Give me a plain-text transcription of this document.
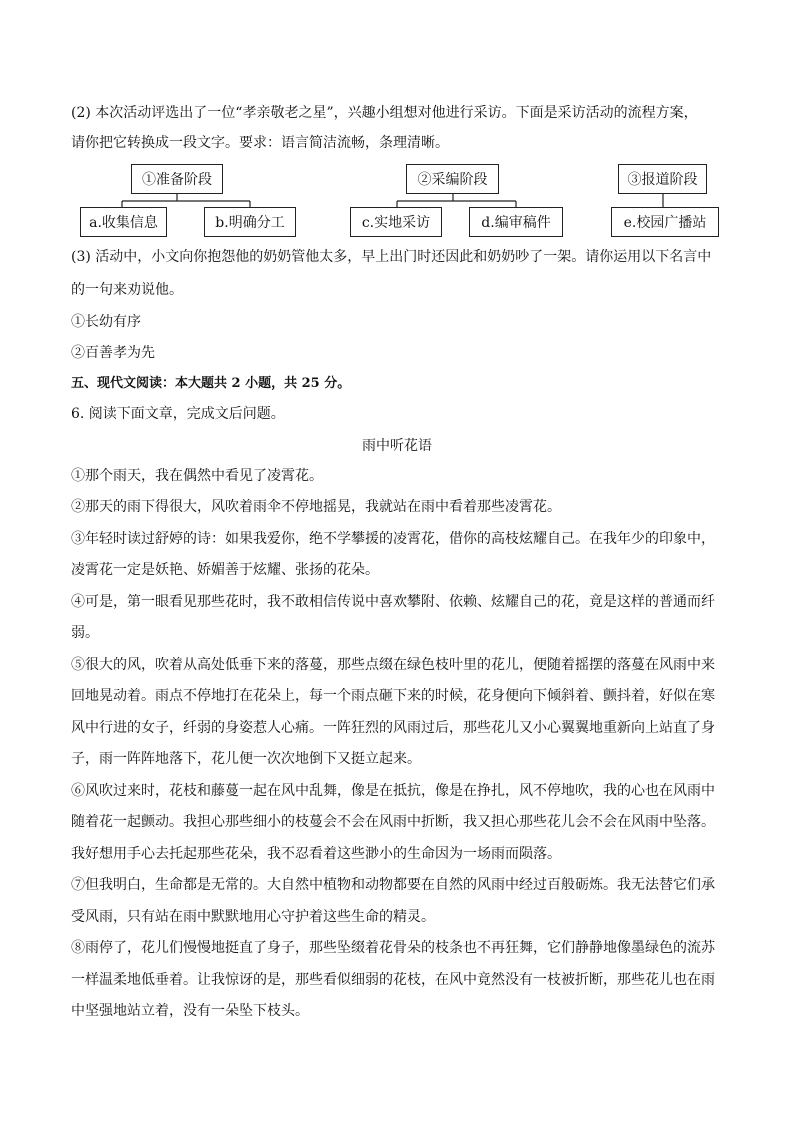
(2) 本次活动评选出了一位“孝亲敬老之星”，兴趣小组想对他进行采访。下面是采访活动的流程方案，
请你把它转换成一段文字。要求：语言简洁流畅，条理清晰。
①准备阶段
a.收集信息	b.明确分工
②采编阶段
c.实地采访	d.编审稿件
③报道阶段
e.校园广播站
(3) 活动中，小文向你抱怨他的奶奶管他太多，早上出门时还因此和奶奶吵了一架。请你运用以下名言中
的一句来劝说他。
①长幼有序
②百善孝为先
五、现代文阅读：本大题共 2 小题，共 25 分。
6. 阅读下面文章，完成文后问题。
雨中听花语
①那个雨天，我在偶然中看见了凌霄花。
②那天的雨下得很大，风吹着雨伞不停地摇晃，我就站在雨中看着那些凌霄花。
③年轻时读过舒婷的诗：如果我爱你，绝不学攀援的凌霄花，借你的高枝炫耀自己。在我年少的印象中，
凌霄花一定是妖艳、娇媚善于炫耀、张扬的花朵。
④可是，第一眼看见那些花时，我不敢相信传说中喜欢攀附、依赖、炫耀自己的花，竟是这样的普通而纤
弱。
⑤很大的风，吹着从高处低垂下来的落蔓，那些点缀在绿色枝叶里的花儿，便随着摇摆的落蔓在风雨中来
回地晃动着。雨点不停地打在花朵上，每一个雨点砸下来的时候，花身便向下倾斜着、颤抖着，好似在寒
风中行进的女子，纤弱的身姿惹人心痛。一阵狂烈的风雨过后，那些花儿又小心翼翼地重新向上站直了身
子，雨一阵阵地落下，花儿便一次次地倒下又挺立起来。
⑥风吹过来时，花枝和藤蔓一起在风中乱舞，像是在抵抗，像是在挣扎，风不停地吹，我的心也在风雨中
随着花一起颤动。我担心那些细小的枝蔓会不会在风雨中折断，我又担心那些花儿会不会在风雨中坠落。
我好想用手心去托起那些花朵，我不忍看着这些渺小的生命因为一场雨而陨落。
⑦但我明白，生命都是无常的。大自然中植物和动物都要在自然的风雨中经过百般砺炼。我无法替它们承
受风雨，只有站在雨中默默地用心守护着这些生命的精灵。
⑧雨停了，花儿们慢慢地挺直了身子，那些坠缀着花骨朵的枝条也不再狂舞，它们静静地像墨绿色的流苏
一样温柔地低垂着。让我惊讶的是，那些看似细弱的花枝，在风中竟然没有一枝被折断，那些花儿也在雨
中坚强地站立着，没有一朵坠下枝头。
